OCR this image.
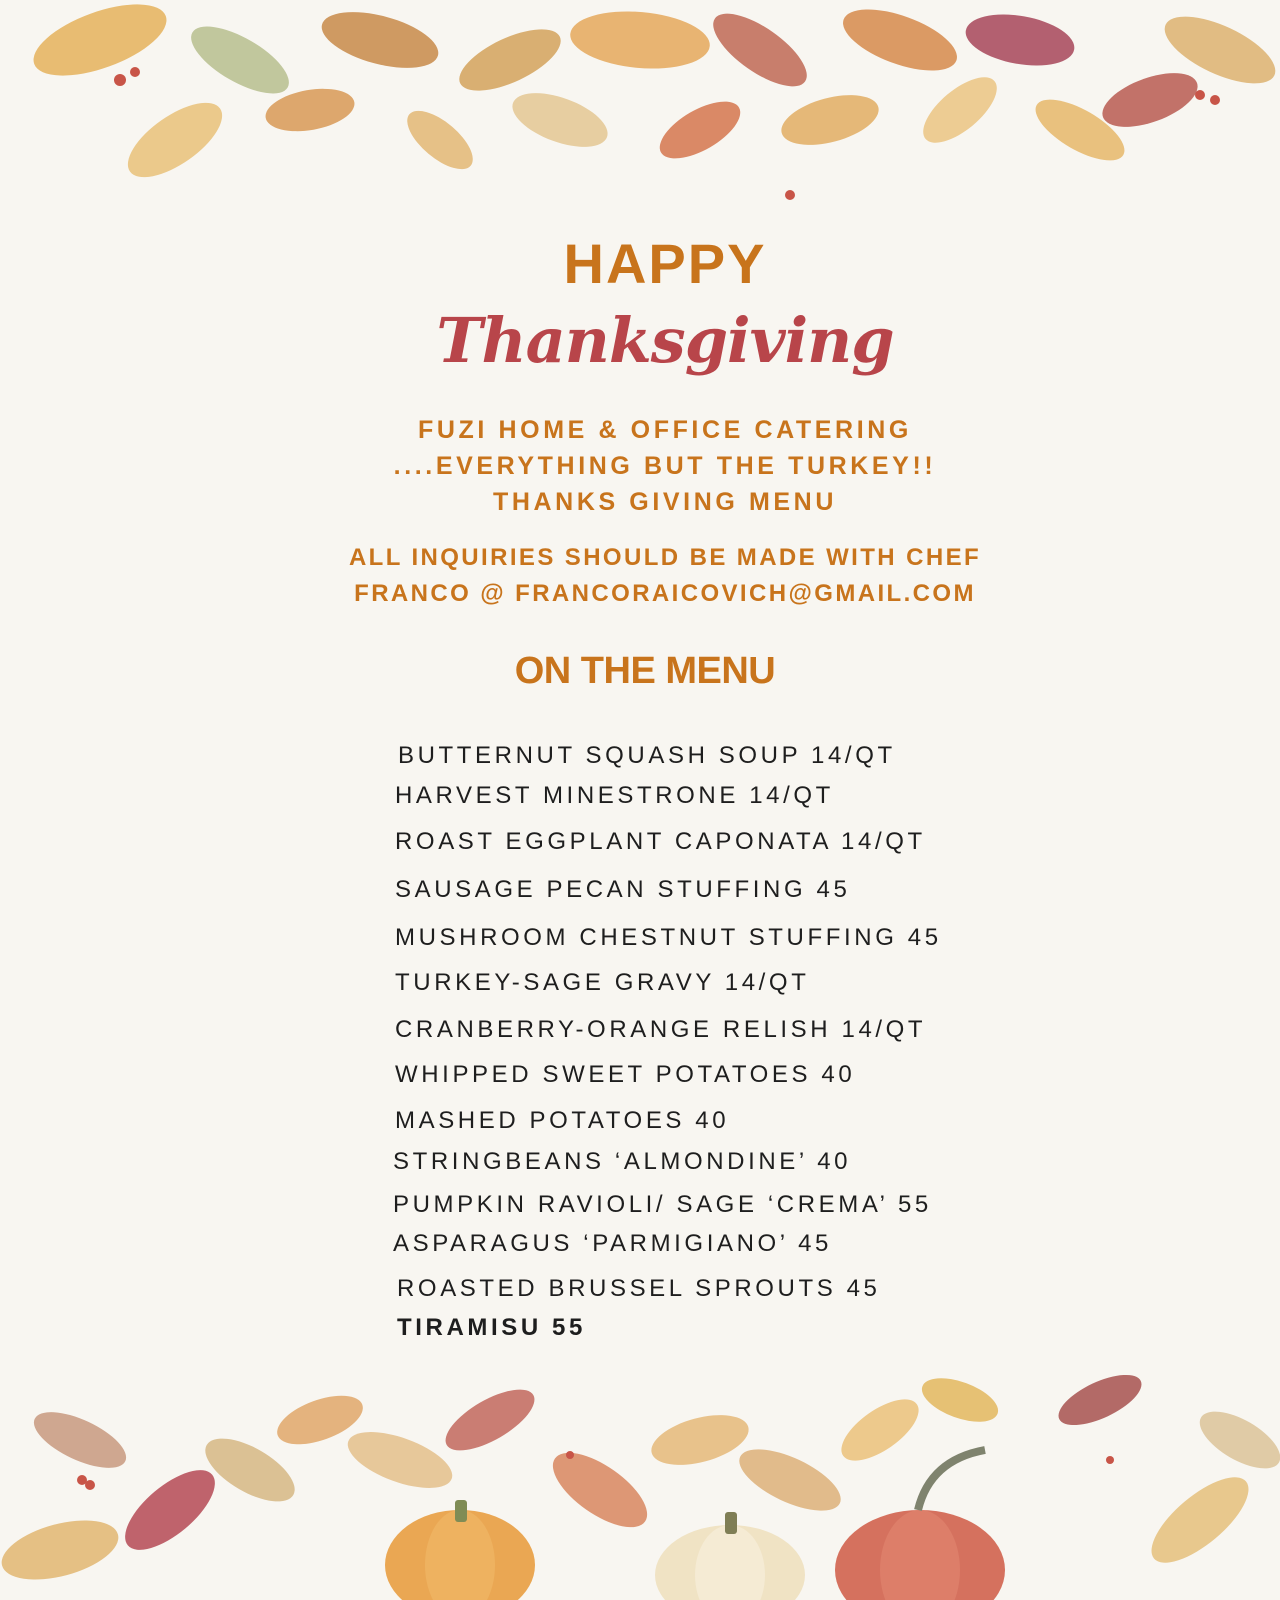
HAPPY
Thanksgiving
FUZI HOME & OFFICE CATERING
....EVERYTHING BUT THE TURKEY!!
THANKS GIVING MENU
ALL INQUIRIES SHOULD BE MADE WITH CHEF
FRANCO @ FRANCORAICOVICH@GMAIL.COM
ON THE MENU
BUTTERNUT SQUASH SOUP 14/QT
HARVEST MINESTRONE 14/QT
ROAST EGGPLANT CAPONATA 14/QT
SAUSAGE PECAN STUFFING 45
MUSHROOM CHESTNUT STUFFING 45
TURKEY-SAGE GRAVY 14/QT
CRANBERRY-ORANGE RELISH 14/QT
WHIPPED SWEET POTATOES 40
MASHED POTATOES 40
STRINGBEANS ‘ALMONDINE’ 40
PUMPKIN RAVIOLI/ SAGE ‘CREMA’ 55
ASPARAGUS ‘PARMIGIANO’ 45
ROASTED BRUSSEL SPROUTS 45
TIRAMISU 55
